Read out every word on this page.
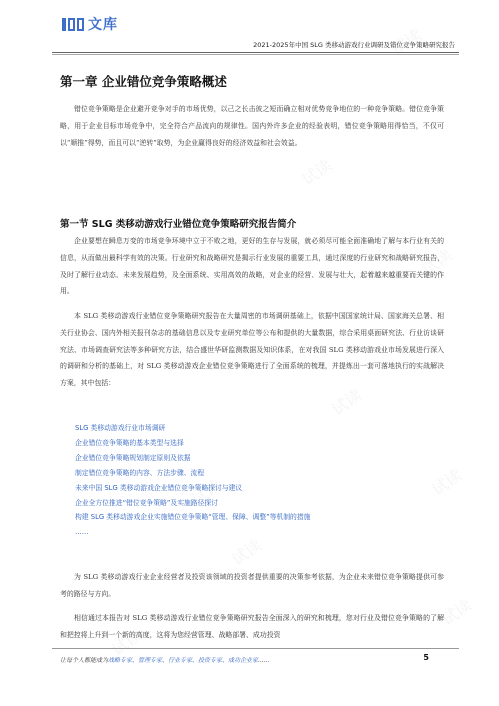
文库
2021-2025年中国 SLG 类移动游戏行业调研及错位竞争策略研究报告
第一章 企业错位竞争策略概述

错位竞争策略是企业避开竞争对手的市场优势，以己之长击彼之短而确立相对优势竞争地位的一种竞争策略。错位竞争策略，用于企业目标市场竞争中，完全符合产品流向的规律性。国内外许多企业的经验表明，错位竞争策略用得恰当，不仅可以“顺推”得势，而且可以“逆转”取势，为企业赢得良好的经济效益和社会效益。

第一节 SLG 类移动游戏行业错位竞争策略研究报告简介

企业要想在瞬息万变的市场竞争环境中立于不败之地，更好的生存与发展，就必须尽可能全面准确地了解与本行业有关的信息，从而做出最科学有效的决策。行业研究和战略研究是揭示行业发展的重要工具，通过深度的行业研究和战略研究报告，及时了解行业动态、未来发展趋势，及全面系统、实用高效的战略，对企业的经营、发展与壮大，起着越来越重要而关键的作用。

本 SLG 类移动游戏行业错位竞争策略研究报告在大量周密的市场调研基础上，依据中国国家统计局、国家海关总署、相关行业协会、国内外相关报刊杂志的基础信息以及专业研究单位等公布和提供的大量数据，综合采用桌面研究法、行业访谈研究法、市场调查研究法等多种研究方法，结合盛世华研监测数据及知识体系，在对我国 SLG 类移动游戏业市场发展进行深入的调研和分析的基础上，对 SLG 类移动游戏企业错位竞争策略进行了全面系统的梳理，并提炼出一套可落地执行的实战解决方案，其中包括：

SLG 类移动游戏行业市场调研
企业错位竞争策略的基本类型与选择
企业错位竞争策略规划制定原则及依据
制定错位竞争策略的内容、方法步骤、流程
未来中国 SLG 类移动游戏企业错位竞争策略探讨与建议
企业全方位推进“错位竞争策略”及实施路径探讨
构建 SLG 类移动游戏企业实施错位竞争策略“管理、保障、调整”等机制的措施
……

为 SLG 类移动游戏行业企业经营者及投资该领域的投资者提供重要的决策参考依据，为企业未来错位竞争策略提供可参考的路径与方向。

相信通过本报告对 SLG 类移动游戏行业错位竞争策略研究报告全面深入的研究和梳理，您对行业及错位竞争策略的了解和把控将上升到一个新的高度，这将为您经营管理、战略部署、成功投资

让每个人都能成为战略专家、管理专家、行业专家、投资专家、成功企业家……	5
试读
试读
试读
试读
试读
试读
试读
试读
试读
